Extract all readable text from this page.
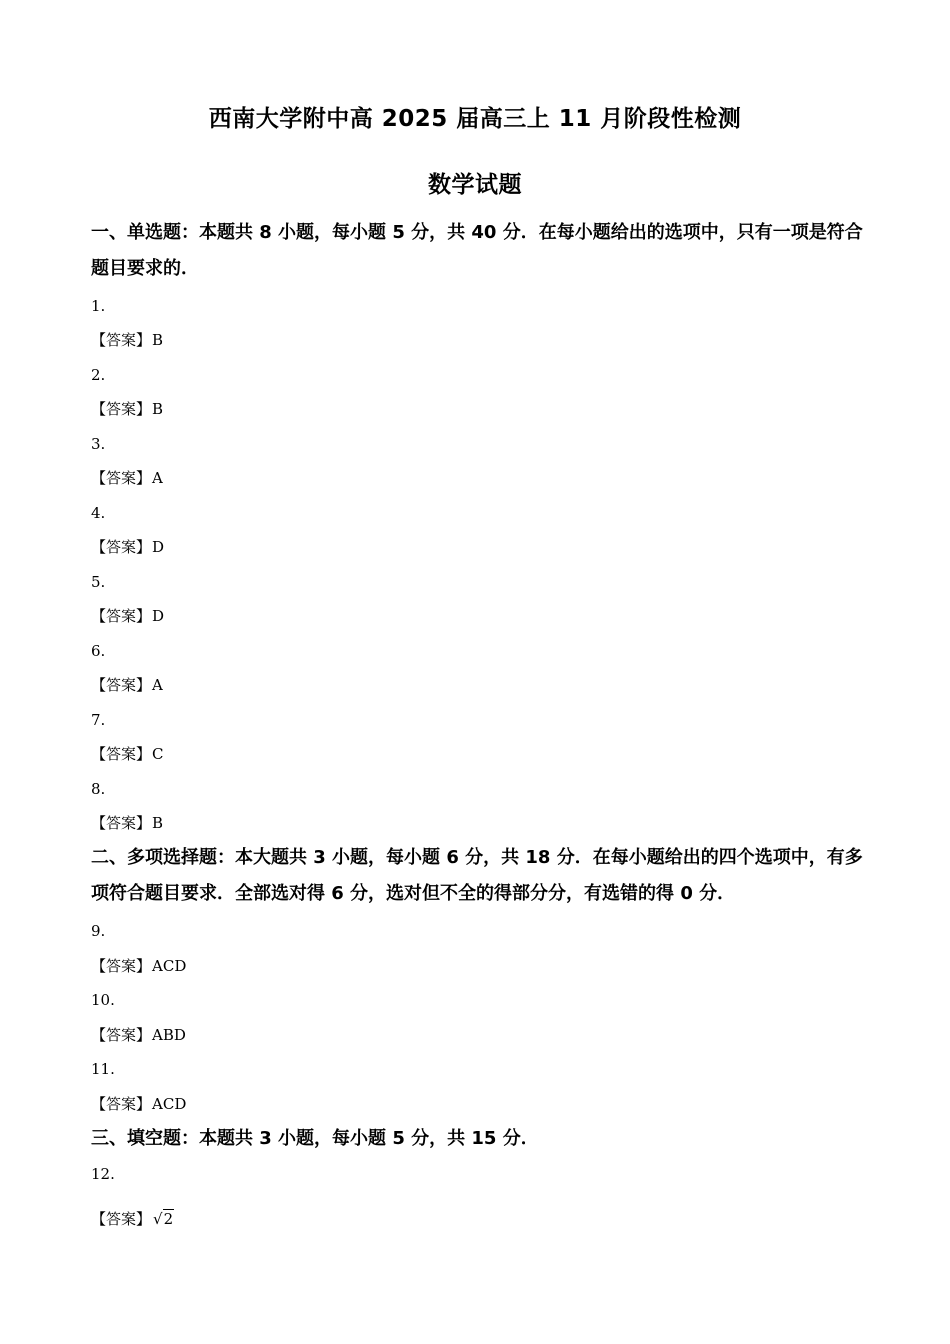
西南大学附中高 2025 届高三上 11 月阶段性检测
数学试题
一、单选题：本题共 8 小题，每小题 5 分，共 40 分．在每小题给出的选项中，只有一项是符合题目要求的．
1.
【答案】B
2.
【答案】B
3.
【答案】A
4.
【答案】D
5.
【答案】D
6.
【答案】A
7.
【答案】C
8.
【答案】B
二、多项选择题：本大题共 3 小题，每小题 6 分，共 18 分．在每小题给出的四个选项中，有多项符合题目要求．全部选对得 6 分，选对但不全的得部分分，有选错的得 0 分．
9.
【答案】ACD
10.
【答案】ABD
11.
【答案】ACD
三、填空题：本题共 3 小题，每小题 5 分，共 15 分．
12.
【答案】 √ 2
